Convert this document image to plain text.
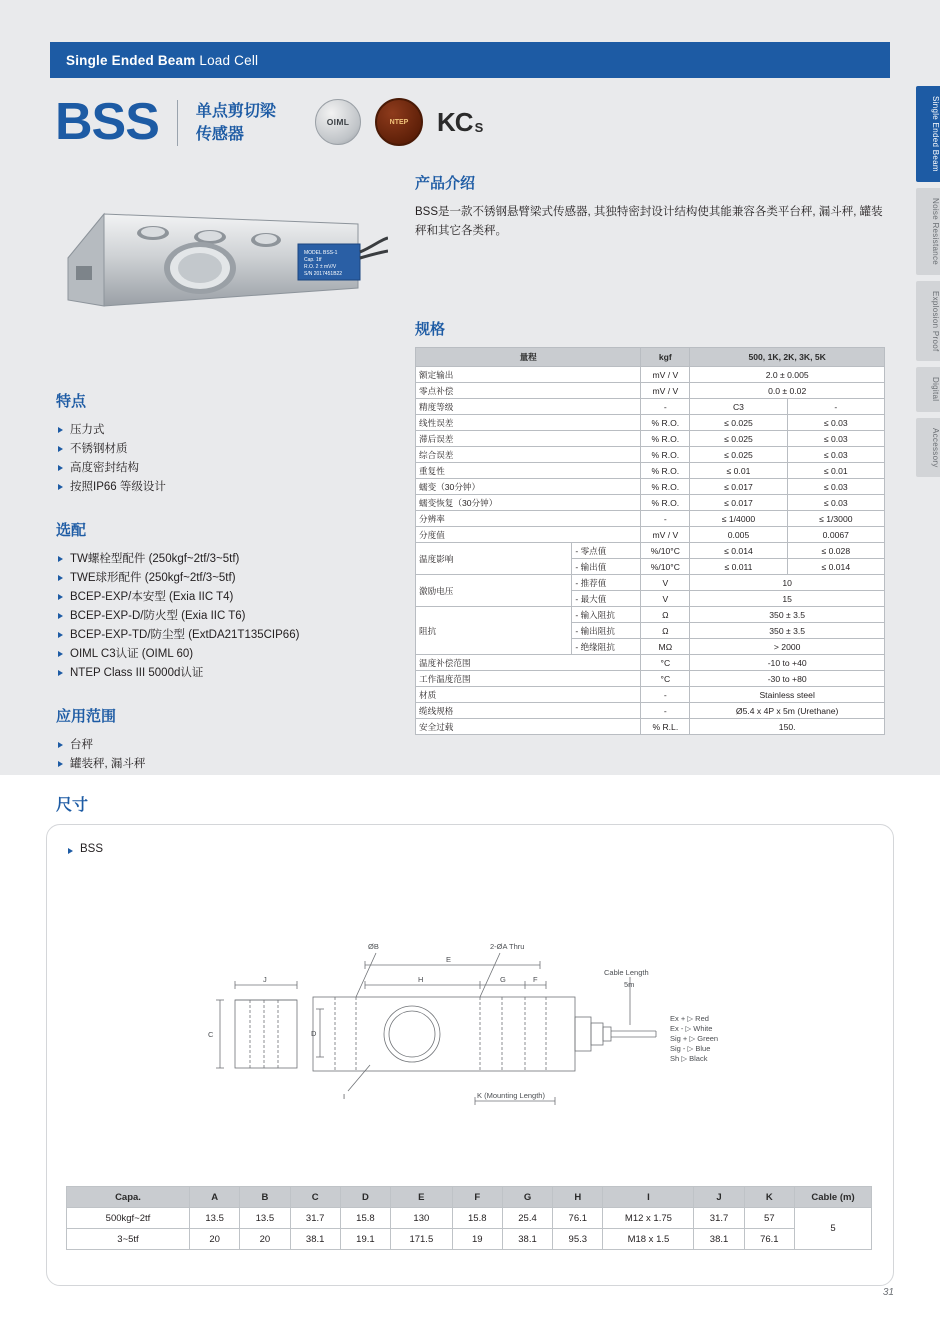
Single Ended Beam Load Cell
BSS 单点剪切梁
传感器
OIML	NTEP	KC S
MODEL BSS-1
Cap. 1tf
R.O. 2 ± mV/V
S/N 2017451B22
Single Ended Beam
Noise Resistance
Explosion Proof
Digital
Accessory
特点
压力式
不锈钢材质
高度密封结构
按照IP66 等级设计
选配
TW螺栓型配件 (250kgf~2tf/3~5tf)
TWE球形配件 (250kgf~2tf/3~5tf)
BCEP-EXP/本安型 (Exia IIC T4)
BCEP-EXP-D/防火型 (Exia IIC T6)
BCEP-EXP-TD/防尘型 (ExtDA21T135CIP66)
OIML C3认证 (OIML 60)
NTEP Class III 5000d认证
应用范围
台秤
罐装秤, 漏斗秤
产品介绍

BSS是一款不锈钢悬臂梁式传感器, 其独特密封设计结构使其能兼容各类平台秤, 漏斗秤, 罐装秤和其它各类秤。

规格
量程		kgf	500, 1K, 2K, 3K, 5K	
额定输出		mV / V	2.0 ± 0.005	
零点补偿		mV / V	0.0 ± 0.02	
精度等级		-	C3	-
线性误差		% R.O.	≤ 0.025	≤ 0.03
滞后误差		% R.O.	≤ 0.025	≤ 0.03
综合误差		% R.O.	≤ 0.025	≤ 0.03
重复性		% R.O.	≤ 0.01	≤ 0.01
蠕变（30分钟）		% R.O.	≤ 0.017	≤ 0.03
蠕变恢复（30分钟）		% R.O.	≤ 0.017	≤ 0.03
分辨率		-	≤ 1/4000	≤ 1/3000
分度值		mV / V	0.005	0.0067
温度影响	- 零点值	%/10°C	≤ 0.014	≤ 0.028
	- 输出值	%/10°C	≤ 0.011	≤ 0.014
激励电压	- 推荐值	V	10	
	- 最大值	V	15	
阻抗	- 输入阻抗	Ω	350 ± 3.5	
	- 输出阻抗	Ω	350 ± 3.5	
	- 绝缘阻抗	MΩ	> 2000	
温度补偿范围		°C	-10 to +40	
工作温度范围		°C	-30 to +80	
材质		-	Stainless steel	
缆线规格		-	Ø5.4 x 4P x 5m (Urethane)	
安全过载		% R.L.	150.	
尺寸
BSS
ØB	2-ØA Thru
E
H	G	F
J
C	D
I	K (Mounting Length)
Cable Length
5m
Ex + ▷ Red
Ex - ▷ White
Sig + ▷ Green
Sig - ▷ Blue
Sh ▷ Black
Capa.	A	B	C	D	E	F	G	H	I	J	K	Cable (m)
500kgf~2tf	13.5	13.5	31.7	15.8	130	15.8	25.4	76.1	M12 x 1.75	31.7	57	5
3~5tf	20	20	38.1	19.1	171.5	19	38.1	95.3	M18 x 1.5	38.1	76.1	
31
